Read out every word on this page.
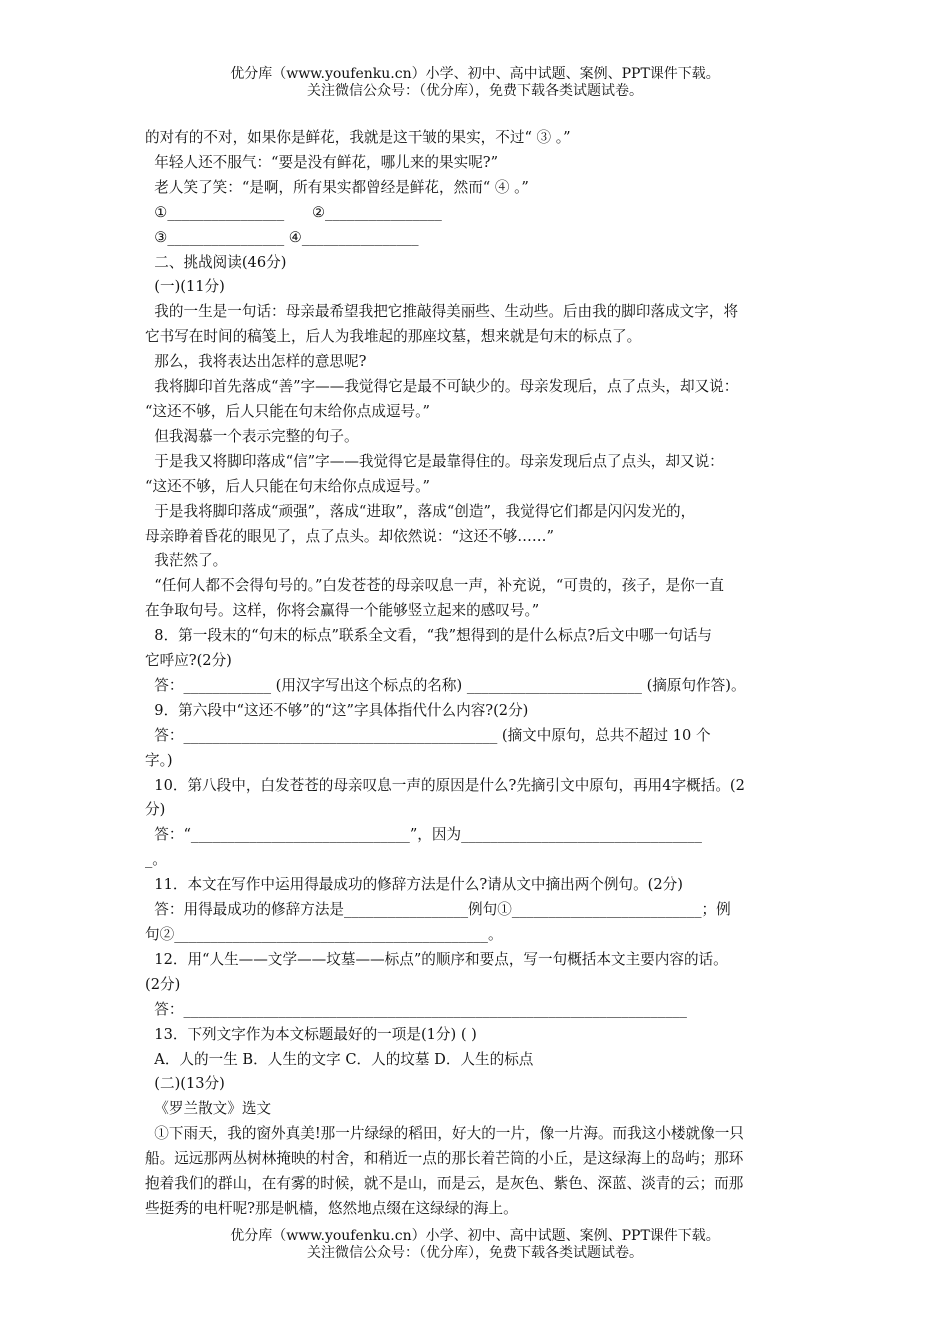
优分库（www.youfenku.cn）小学、初中、高中试题、案例、PPT课件下载。
关注微信公众号：（优分库），免费下载各类试题试卷。

的对有的不对，如果你是鲜花，我就是这干皱的果实，不过“ ③ 。”

年轻人还不服气：“要是没有鲜花，哪儿来的果实呢?”

老人笑了笑：“是啊，所有果实都曾经是鲜花，然而“ ④ 。”

①________________      ②________________

③________________ ④________________

二、挑战阅读(46分)

(一)(11分)

我的一生是一句话：母亲最希望我把它推敲得美丽些、生动些。后由我的脚印落成文字，将

它书写在时间的稿笺上，后人为我堆起的那座坟墓，想来就是句末的标点了。

那么，我将表达出怎样的意思呢?

我将脚印首先落成“善”字——我觉得它是最不可缺少的。母亲发现后，点了点头，却又说：

“这还不够，后人只能在句末给你点成逗号。”

但我渴慕一个表示完整的句子。

于是我又将脚印落成“信”字——我觉得它是最靠得住的。母亲发现后点了点头，却又说：

“这还不够，后人只能在句末给你点成逗号。”

于是我将脚印落成“顽强”，落成“进取”，落成“创造”，我觉得它们都是闪闪发光的，

母亲睁着昏花的眼见了，点了点头。却依然说：“这还不够……”

我茫然了。

“任何人都不会得句号的。”白发苍苍的母亲叹息一声，补充说，“可贵的，孩子，是你一直

在争取句号。这样，你将会赢得一个能够竖立起来的感叹号。”

8．第一段末的“句末的标点”联系全文看，“我”想得到的是什么标点?后文中哪一句话与

它呼应?(2分)

答：____________ (用汉字写出这个标点的名称) ________________________ (摘原句作答)。

9．第六段中“这还不够”的“这”字具体指代什么内容?(2分)

答：___________________________________________ (摘文中原句，总共不超过 10 个

字。)

10．第八段中，白发苍苍的母亲叹息一声的原因是什么?先摘引文中原句，再用4字概括。(2

分)

答：“______________________________”，因为_________________________________

_。

11．本文在写作中运用得最成功的修辞方法是什么?请从文中摘出两个例句。(2分)

答：用得最成功的修辞方法是_________________例句①__________________________；例

句②___________________________________________。

12．用“人生——文学——坟墓——标点”的顺序和要点，写一句概括本文主要内容的话。

(2分)

答：_____________________________________________________________________

13．下列文字作为本文标题最好的一项是(1分) ( )

A．人的一生 B．人生的文字 C．人的坟墓 D．人生的标点

(二)(13分)

《罗兰散文》选文

①下雨天，我的窗外真美!那一片绿绿的稻田，好大的一片，像一片海。而我这小楼就像一只

船。远远那两丛树林掩映的村舍，和稍近一点的那长着芒筒的小丘，是这绿海上的岛屿；那环

抱着我们的群山，在有雾的时候，就不是山，而是云，是灰色、紫色、深蓝、淡青的云；而那

些挺秀的电杆呢?那是帆樯，悠然地点缀在这绿绿的海上。

优分库（www.youfenku.cn）小学、初中、高中试题、案例、PPT课件下载。
关注微信公众号：（优分库），免费下载各类试题试卷。
